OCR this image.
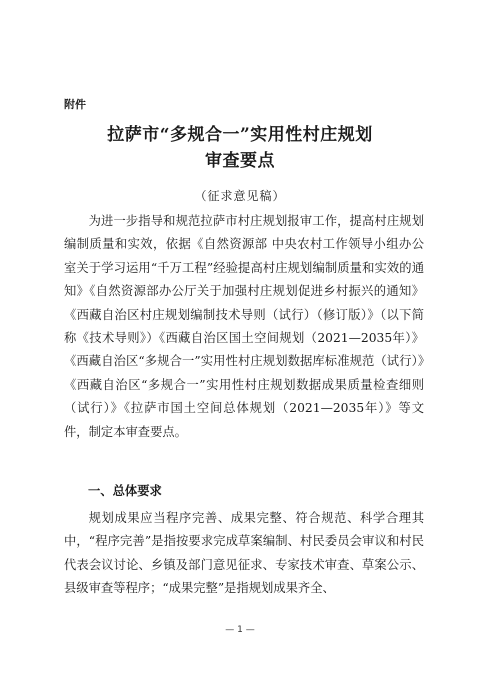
附件
拉萨市“多规合一”实用性村庄规划
审查要点
（征求意见稿）

为进一步指导和规范拉萨市村庄规划报审工作，提高村庄规划编制质量和实效，依据《自然资源部 中央农村工作领导小组办公室关于学习运用“千万工程”经验提高村庄规划编制质量和实效的通知》《自然资源部办公厅关于加强村庄规划促进乡村振兴的通知》《西藏自治区村庄规划编制技术导则（试行）（修订版）》（以下简称《技术导则》）《西藏自治区国土空间规划（2021—2035年）》《西藏自治区“多规合一”实用性村庄规划数据库标准规范（试行）》《西藏自治区“多规合一”实用性村庄规划数据成果质量检查细则（试行）》《拉萨市国土空间总体规划（2021—2035年）》等文件，制定本审查要点。

一、总体要求

规划成果应当程序完善、成果完整、符合规范、科学合理其中，“程序完善”是指按要求完成草案编制、村民委员会审议和村民代表会议讨论、乡镇及部门意见征求、专家技术审查、草案公示、县级审查等程序；“成果完整”是指规划成果齐全、

— 1 —
